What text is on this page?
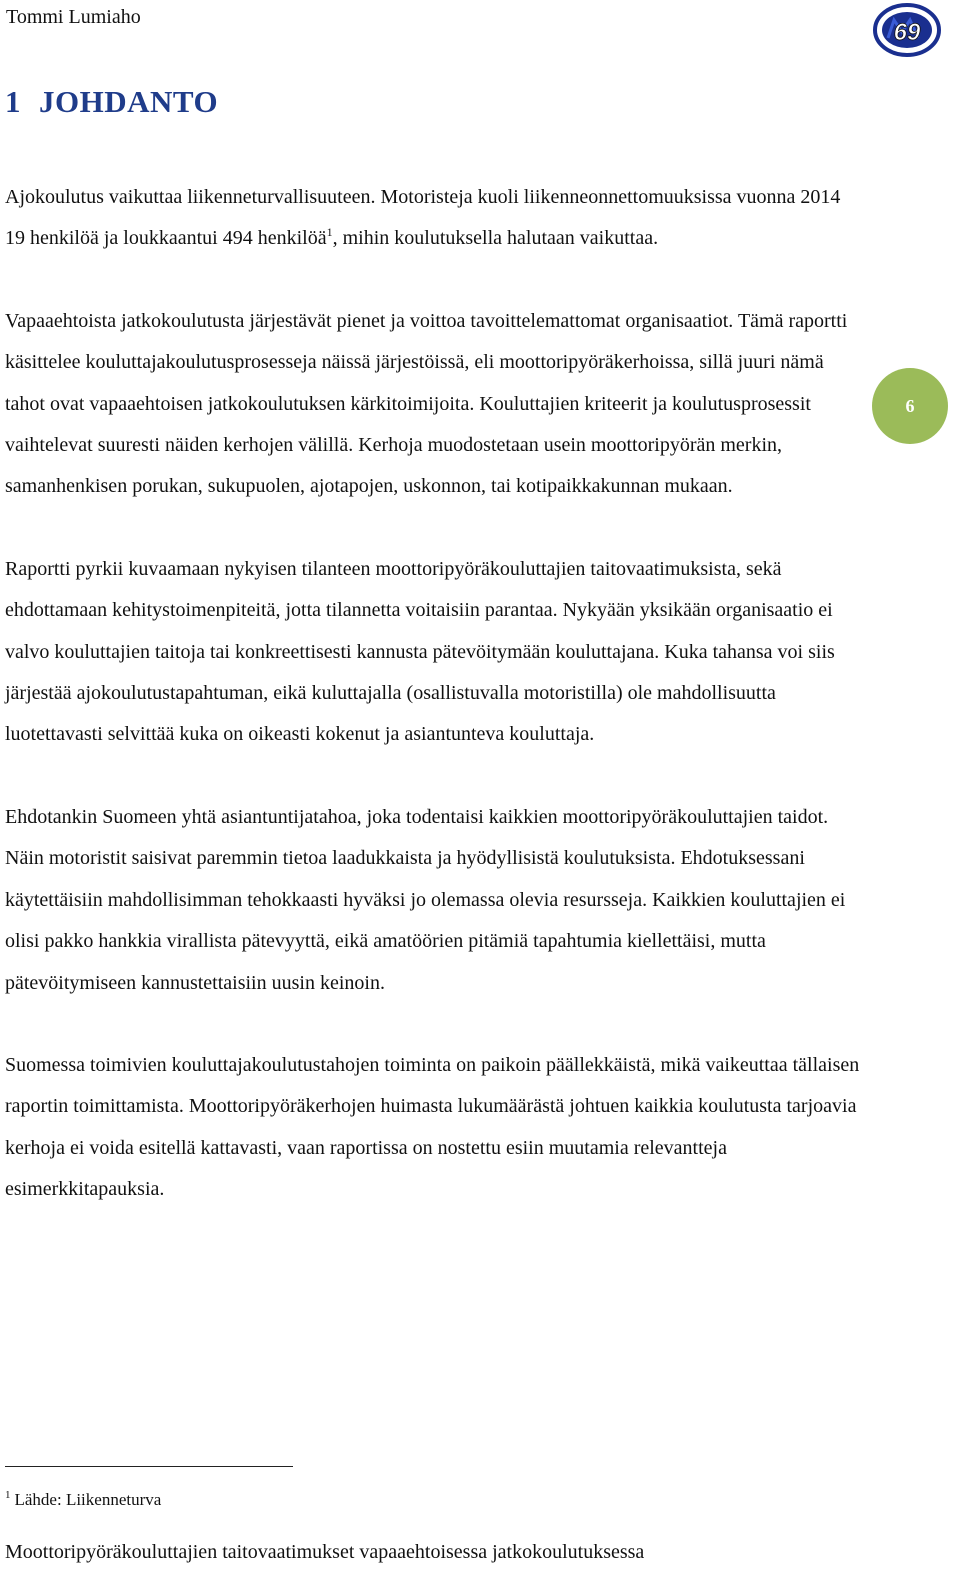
Tommi Lumiaho
69
1 JOHDANTO

Ajokoulutus vaikuttaa liikenneturvallisuuteen. Motoristeja kuoli liikenneonnettomuuksissa vuonna 2014 19 henkilöä ja loukkaantui 494 henkilöä$^1$, mihin koulutuksella halutaan vaikuttaa.

Vapaaehtoista jatkokoulutusta järjestävät pienet ja voittoa tavoittelemattomat organisaatiot. Tämä raportti käsittelee kouluttajakoulutusprosesseja näissä järjestöissä, eli moottoripyöräkerhoissa, sillä juuri nämä tahot ovat vapaaehtoisen jatkokoulutuksen kärkitoimijoita. Kouluttajien kriteerit ja koulutusprosessit vaihtelevat suuresti näiden kerhojen välillä. Kerhoja muodostetaan usein moottoripyörän merkin, samanhenkisen porukan, sukupuolen, ajotapojen, uskonnon, tai kotipaikkakunnan mukaan.

Raportti pyrkii kuvaamaan nykyisen tilanteen moottoripyöräkouluttajien taitovaatimuksista, sekä ehdottamaan kehitystoimenpiteitä, jotta tilannetta voitaisiin parantaa. Nykyään yksikään organisaatio ei valvo kouluttajien taitoja tai konkreettisesti kannusta pätevöitymään kouluttajana. Kuka tahansa voi siis järjestää ajokoulutustapahtuman, eikä kuluttajalla (osallistuvalla motoristilla) ole mahdollisuutta luotettavasti selvittää kuka on oikeasti kokenut ja asiantunteva kouluttaja.

Ehdotankin Suomeen yhtä asiantuntijatahoa, joka todentaisi kaikkien moottoripyöräkouluttajien taidot. Näin motoristit saisivat paremmin tietoa laadukkaista ja hyödyllisistä koulutuksista. Ehdotuksessani käytettäisiin mahdollisimman tehokkaasti hyväksi jo olemassa olevia resursseja. Kaikkien kouluttajien ei olisi pakko hankkia virallista pätevyyttä, eikä amatöörien pitämiä tapahtumia kiellettäisi, mutta pätevöitymiseen kannustettaisiin uusin keinoin.

Suomessa toimivien kouluttajakoulutustahojen toiminta on paikoin päällekkäistä, mikä vaikeuttaa tällaisen raportin toimittamista. Moottoripyöräkerhojen huimasta lukumäärästä johtuen kaikkia koulutusta tarjoavia kerhoja ei voida esitellä kattavasti, vaan raportissa on nostettu esiin muutamia relevantteja esimerkkitapauksia.

6
$^1$ Lähde: Liikenneturva
Moottoripyöräkouluttajien taitovaatimukset vapaaehtoisessa jatkokoulutuksessa
